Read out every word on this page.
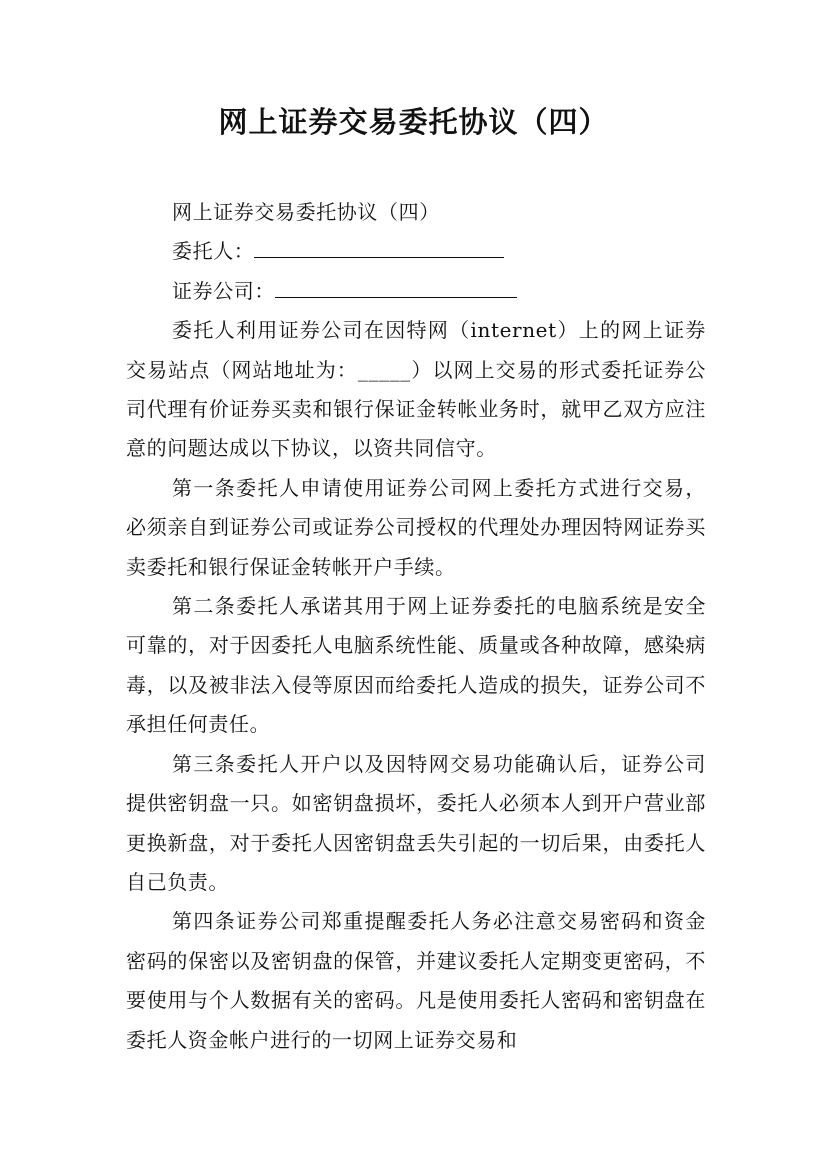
网上证券交易委托协议（四）

网上证券交易委托协议（四）

委托人：

证券公司：

委托人利用证券公司在因特网（internet）上的网上证券交易站点（网站地址为：_____）以网上交易的形式委托证券公司代理有价证券买卖和银行保证金转帐业务时，就甲乙双方应注意的问题达成以下协议，以资共同信守。

第一条委托人申请使用证券公司网上委托方式进行交易，必须亲自到证券公司或证券公司授权的代理处办理因特网证券买卖委托和银行保证金转帐开户手续。

第二条委托人承诺其用于网上证券委托的电脑系统是安全可靠的，对于因委托人电脑系统性能、质量或各种故障，感染病毒，以及被非法入侵等原因而给委托人造成的损失，证券公司不承担任何责任。

第三条委托人开户以及因特网交易功能确认后，证券公司提供密钥盘一只。如密钥盘损坏，委托人必须本人到开户营业部更换新盘，对于委托人因密钥盘丢失引起的一切后果，由委托人自己负责。

第四条证券公司郑重提醒委托人务必注意交易密码和资金密码的保密以及密钥盘的保管，并建议委托人定期变更密码，不要使用与个人数据有关的密码。凡是使用委托人密码和密钥盘在委托人资金帐户进行的一切网上证券交易和
